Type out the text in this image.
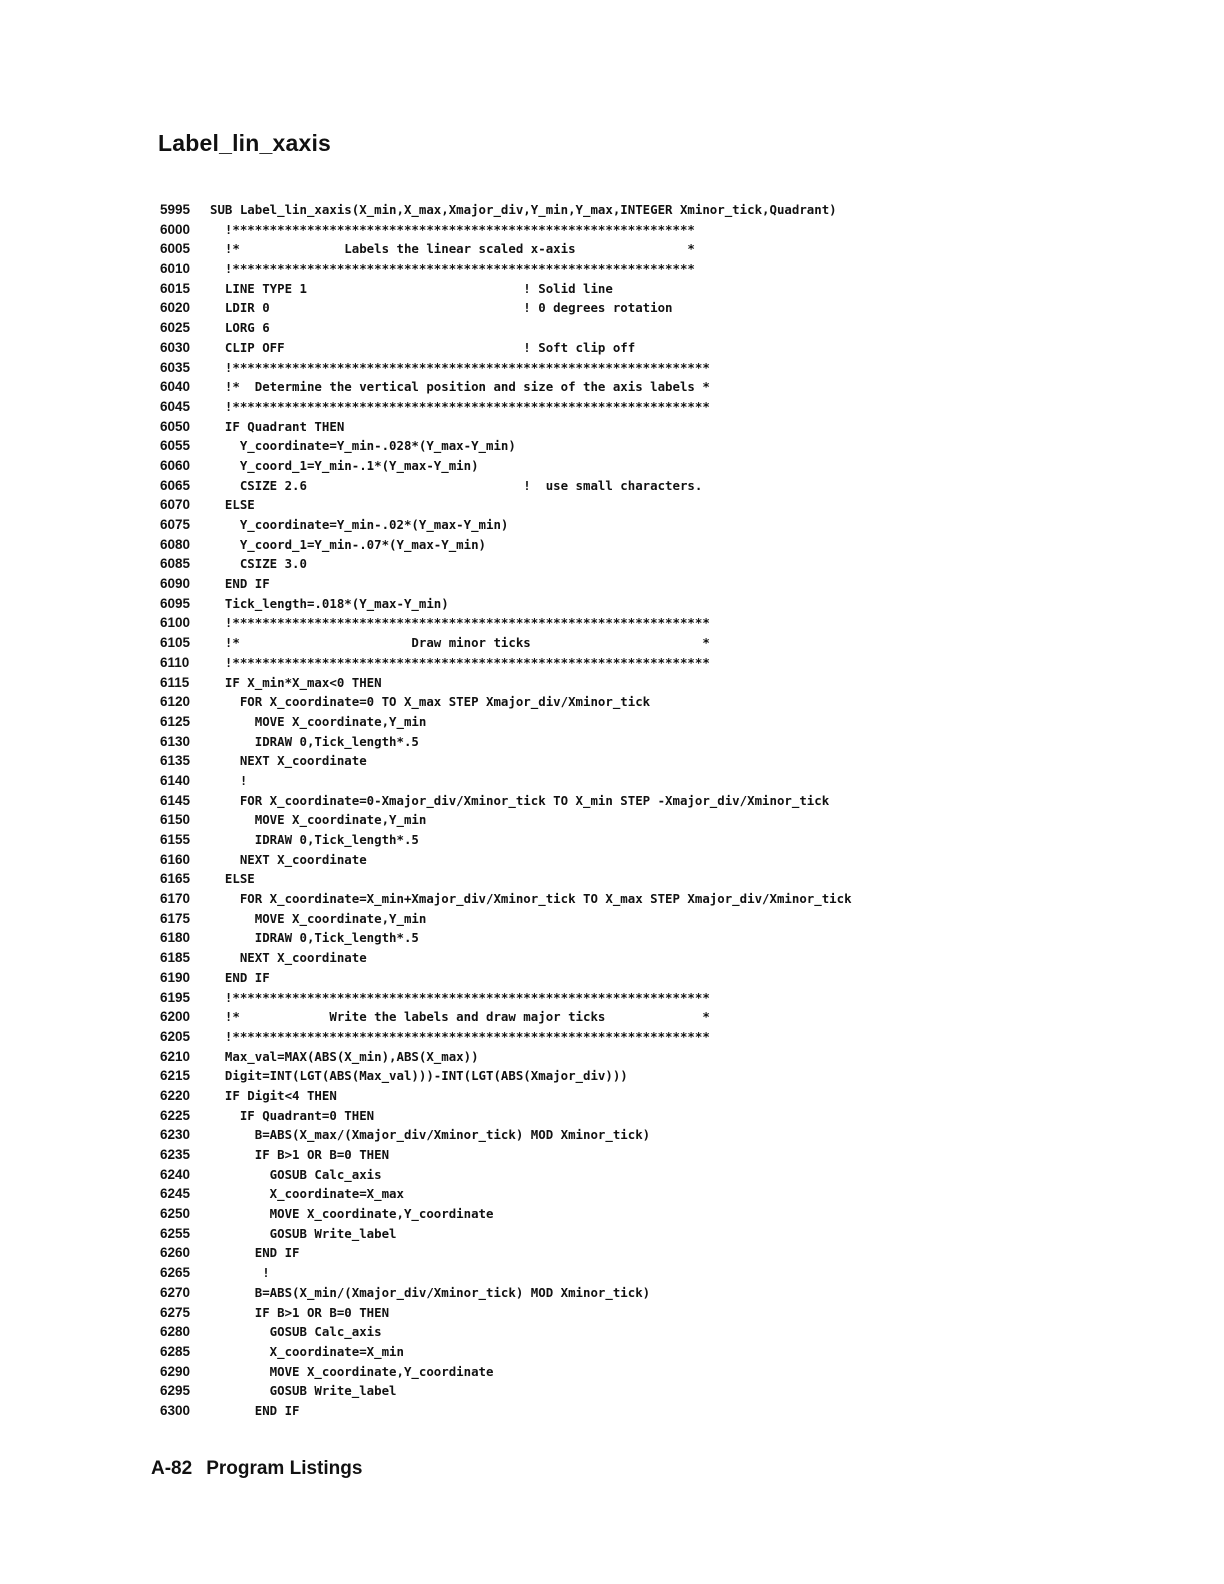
Label_lin_xaxis
5995 SUB Label_lin_xaxis(X_min,X_max,Xmajor_div,Y_min,Y_max,INTEGER Xminor_tick,Quadrant)
6000 !**************************************************************
6005 !*              Labels the linear scaled x-axis               *
6010 !**************************************************************
6015 LINE TYPE 1                             ! Solid line
6020 LDIR 0                                  ! 0 degrees rotation
6025 LORG 6
6030 CLIP OFF                                ! Soft clip off
6035 !****************************************************************
6040 !*  Determine the vertical position and size of the axis labels *
6045 !****************************************************************
6050 IF Quadrant THEN
6055 Y_coordinate=Y_min-.028*(Y_max-Y_min)
6060 Y_coord_1=Y_min-.1*(Y_max-Y_min)
6065 CSIZE 2.6                             !  use small characters.
6070 ELSE
6075 Y_coordinate=Y_min-.02*(Y_max-Y_min)
6080 Y_coord_1=Y_min-.07*(Y_max-Y_min)
6085 CSIZE 3.0
6090 END IF
6095 Tick_length=.018*(Y_max-Y_min)
6100 !****************************************************************
6105 !*                       Draw minor ticks                       *
6110 !****************************************************************
6115 IF X_min*X_max<0 THEN
6120 FOR X_coordinate=0 TO X_max STEP Xmajor_div/Xminor_tick
6125 MOVE X_coordinate,Y_min
6130 IDRAW 0,Tick_length*.5
6135 NEXT X_coordinate
6140 !
6145 FOR X_coordinate=0-Xmajor_div/Xminor_tick TO X_min STEP -Xmajor_div/Xminor_tick
6150 MOVE X_coordinate,Y_min
6155 IDRAW 0,Tick_length*.5
6160 NEXT X_coordinate
6165 ELSE
6170 FOR X_coordinate=X_min+Xmajor_div/Xminor_tick TO X_max STEP Xmajor_div/Xminor_tick
6175 MOVE X_coordinate,Y_min
6180 IDRAW 0,Tick_length*.5
6185 NEXT X_coordinate
6190 END IF
6195 !****************************************************************
6200 !*            Write the labels and draw major ticks             *
6205 !****************************************************************
6210 Max_val=MAX(ABS(X_min),ABS(X_max))
6215 Digit=INT(LGT(ABS(Max_val)))-INT(LGT(ABS(Xmajor_div)))
6220 IF Digit<4 THEN
6225 IF Quadrant=0 THEN
6230 B=ABS(X_max/(Xmajor_div/Xminor_tick) MOD Xminor_tick)
6235 IF B>1 OR B=0 THEN
6240 GOSUB Calc_axis
6245 X_coordinate=X_max
6250 MOVE X_coordinate,Y_coordinate
6255 GOSUB Write_label
6260 END IF
6265 !
6270 B=ABS(X_min/(Xmajor_div/Xminor_tick) MOD Xminor_tick)
6275 IF B>1 OR B=0 THEN
6280 GOSUB Calc_axis
6285 X_coordinate=X_min
6290 MOVE X_coordinate,Y_coordinate
6295 GOSUB Write_label
6300 END IF
A-82 Program Listings
